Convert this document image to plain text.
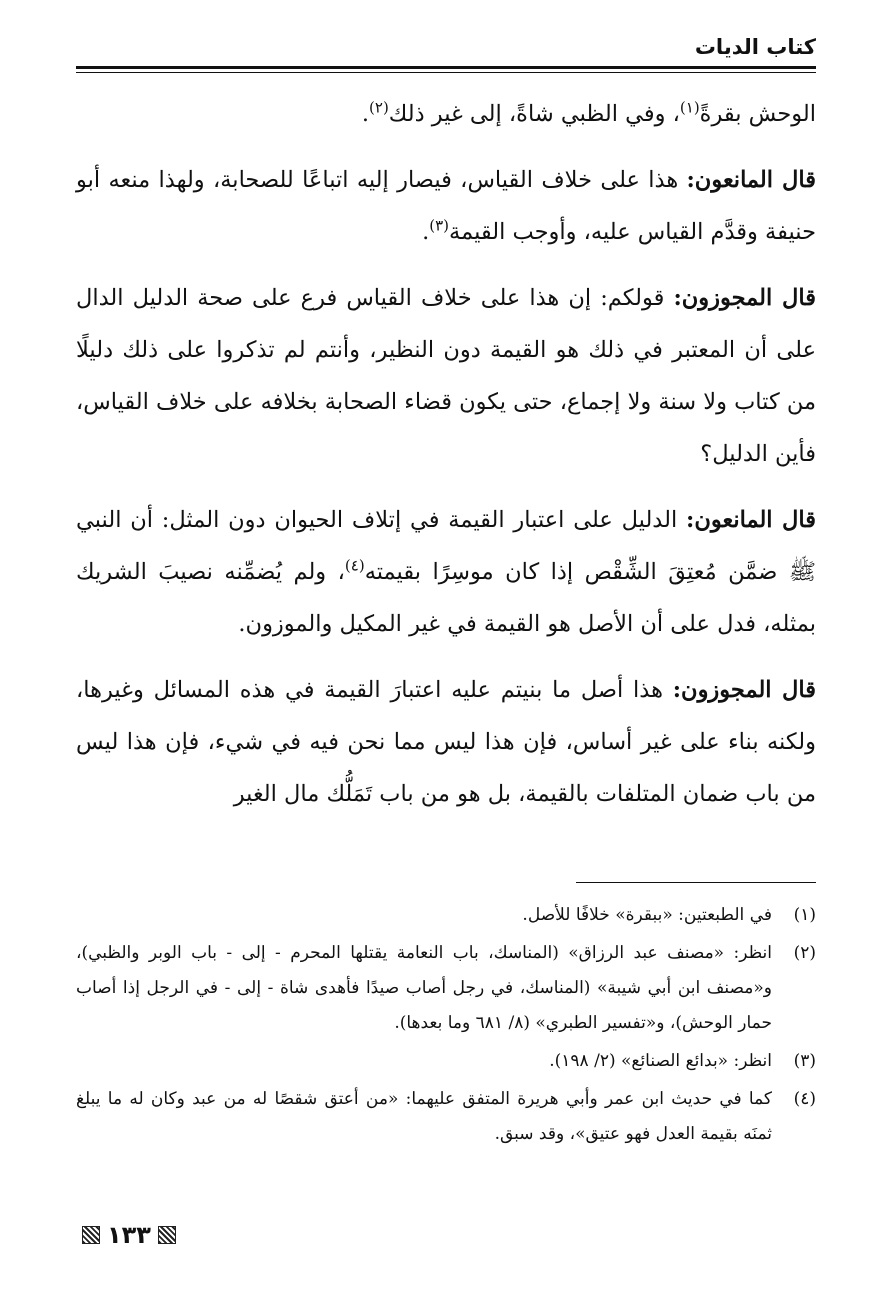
كتاب الديات

الوحش بقرةً$^{(١)}$، وفي الظبي شاةً، إلى غير ذلك$^{(٢)}$.

قال المانعون: هذا على خلاف القياس، فيصار إليه اتباعًا للصحابة، ولهذا منعه أبو حنيفة وقدَّم القياس عليه، وأوجب القيمة$^{(٣)}$.

قال المجوزون: قولكم: إن هذا على خلاف القياس فرع على صحة الدليل الدال على أن المعتبر في ذلك هو القيمة دون النظير، وأنتم لم تذكروا على ذلك دليلًا من كتاب ولا سنة ولا إجماع، حتى يكون قضاء الصحابة بخلافه على خلاف القياس، فأين الدليل؟

قال المانعون: الدليل على اعتبار القيمة في إتلاف الحيوان دون المثل: أن النبي ﷺ ضمَّن مُعتِقَ الشِّقْص إذا كان موسِرًا بقيمته$^{(٤)}$، ولم يُضمِّنه نصيبَ الشريك بمثله، فدل على أن الأصل هو القيمة في غير المكيل والموزون.

قال المجوزون: هذا أصل ما بنيتم عليه اعتبارَ القيمة في هذه المسائل وغيرها، ولكنه بناء على غير أساس، فإن هذا ليس مما نحن فيه في شيء، فإن هذا ليس من باب ضمان المتلفات بالقيمة، بل هو من باب تَمَلُّك مال الغير

(١)
في الطبعتين: «ببقرة» خلافًا للأصل.
(٢)
انظر: «مصنف عبد الرزاق» (المناسك، باب النعامة يقتلها المحرم - إلى - باب الوبر والظبي)، و«مصنف ابن أبي شيبة» (المناسك، في رجل أصاب صيدًا فأهدى شاة - إلى - في الرجل إذا أصاب حمار الوحش)، و«تفسير الطبري» (٨/ ٦٨١ وما بعدها).
(٣)
انظر: «بدائع الصنائع» (٢/ ١٩٨).
(٤)
كما في حديث ابن عمر وأبي هريرة المتفق عليهما: «من أعتق شقصًا له من عبد وكان له ما يبلغ ثمنَه بقيمة العدل فهو عتيق»، وقد سبق.
١٣٣
